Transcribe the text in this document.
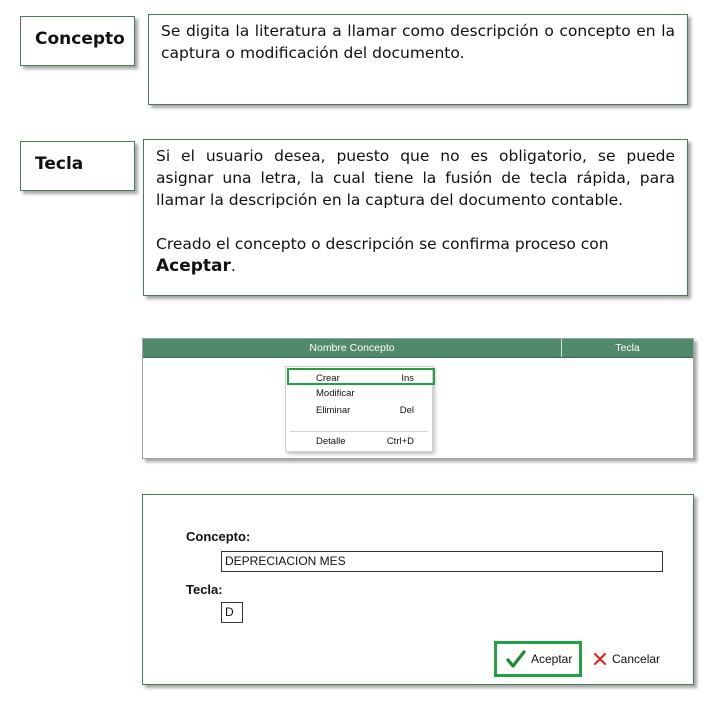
Concepto	Se digita la literatura a llamar como descripción o concepto en la captura o modificación del documento.
Tecla	Si el usuario desea, puesto que no es obligatorio, se puede asignar una letra, la cual tiene la fusión de tecla rápida, para llamar la descripción en la captura del documento contable.
Creado el concepto o descripción se confirma proceso con Aceptar.
Nombre Concepto	Tecla
Crear	Ins
Modificar
Eliminar	Del
Detalle	Ctrl+D
Concepto:
DEPRECIACION MES
Tecla:
D
Aceptar	Cancelar
